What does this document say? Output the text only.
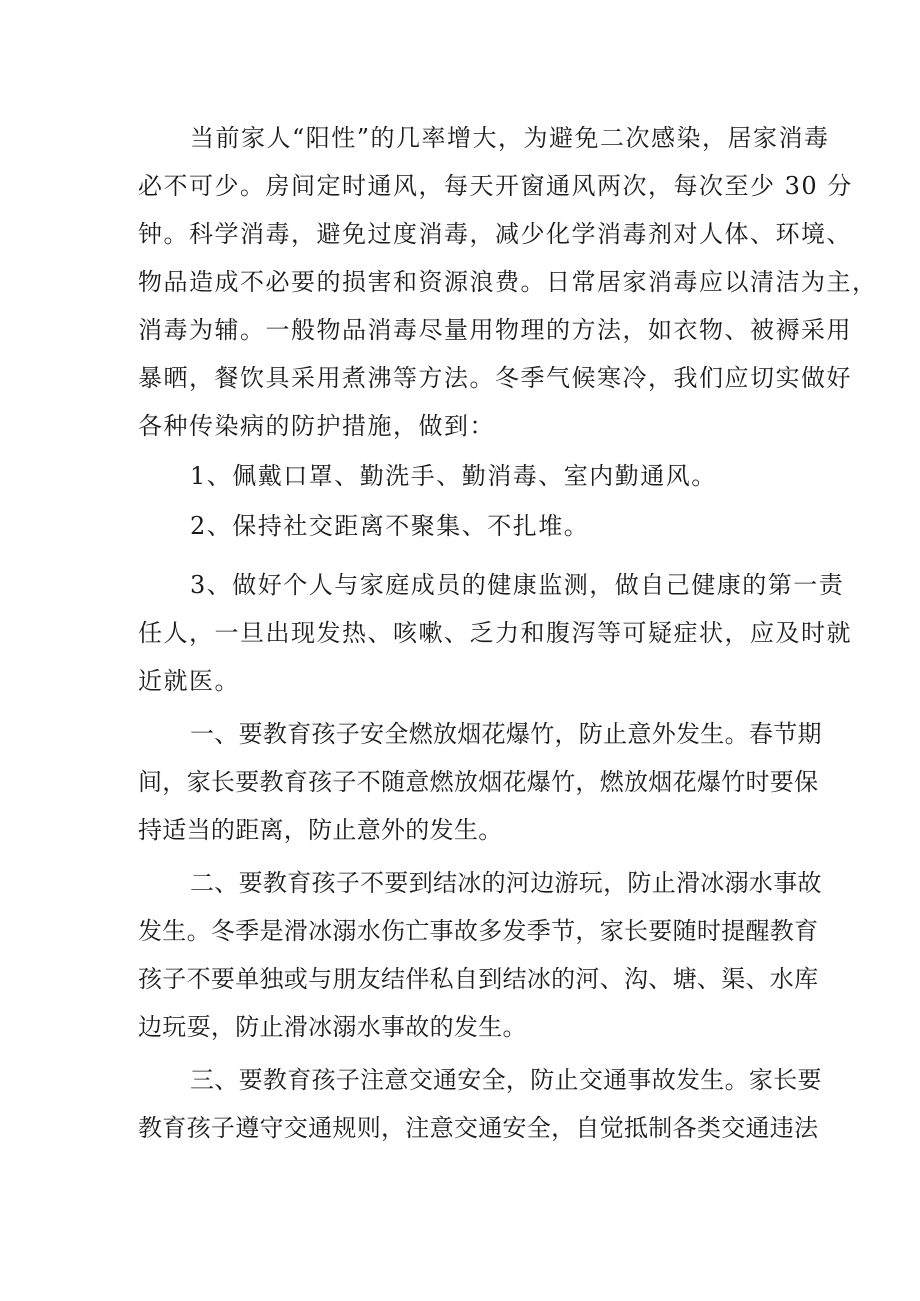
当前家人“阳性”的几率增大，为避免二次感染，居家消毒
必不可少。房间定时通风，每天开窗通风两次，每次至少 30 分
钟。科学消毒，避免过度消毒，减少化学消毒剂对人体、环境、
物品造成不必要的损害和资源浪费。日常居家消毒应以清洁为主，
消毒为辅。一般物品消毒尽量用物理的方法，如衣物、被褥采用
暴晒，餐饮具采用煮沸等方法。冬季气候寒冷，我们应切实做好
各种传染病的防护措施，做到：
1、佩戴口罩、勤洗手、勤消毒、室内勤通风。
2、保持社交距离不聚集、不扎堆。
3、做好个人与家庭成员的健康监测，做自己健康的第一责
任人，一旦出现发热、咳嗽、乏力和腹泻等可疑症状，应及时就
近就医。
一、要教育孩子安全燃放烟花爆竹，防止意外发生。春节期
间，家长要教育孩子不随意燃放烟花爆竹，燃放烟花爆竹时要保
持适当的距离，防止意外的发生。
二、要教育孩子不要到结冰的河边游玩，防止滑冰溺水事故
发生。冬季是滑冰溺水伤亡事故多发季节，家长要随时提醒教育
孩子不要单独或与朋友结伴私自到结冰的河、沟、塘、渠、水库
边玩耍，防止滑冰溺水事故的发生。
三、要教育孩子注意交通安全，防止交通事故发生。家长要
教育孩子遵守交通规则，注意交通安全，自觉抵制各类交通违法
